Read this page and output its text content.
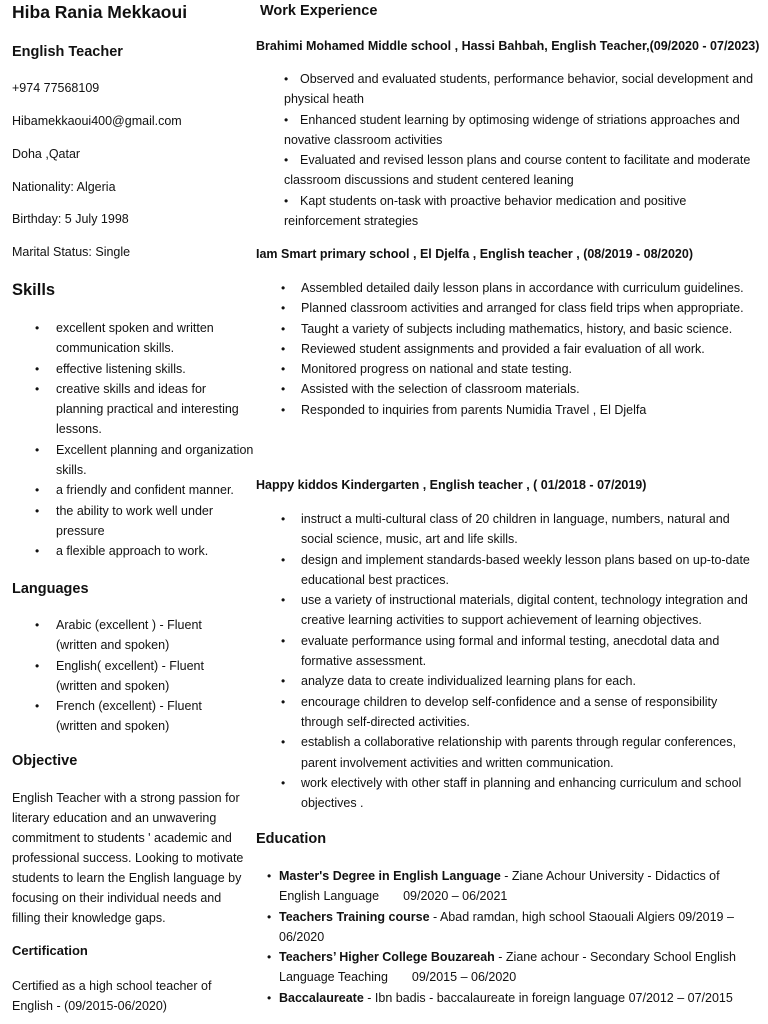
Hiba Rania Mekkaoui
English Teacher
+974 77568109
Hibamekkaoui400@gmail.com
Doha ,Qatar
Nationality: Algeria
Birthday: 5 July 1998
Marital Status: Single
Skills
• excellent spoken and written communication skills.
• effective listening skills.
• creative skills and ideas for planning practical and interesting lessons.
• Excellent planning and organization skills.
• a friendly and confident manner.
• the ability to work well under pressure
• a flexible approach to work.
Languages
• Arabic (excellent ) - Fluent (written and spoken)
• English( excellent) - Fluent (written and spoken)
• French (excellent) - Fluent (written and spoken)
Objective
English Teacher with a strong passion for literary education and an unwavering commitment to students ' academic and professional success. Looking to motivate students to learn the English language by focusing on their individual needs and filling their knowledge gaps.
Certification
Certified as a high school teacher of English - (09/2015-06/2020)
Work Experience
Brahimi Mohamed Middle school , Hassi Bahbah, English Teacher,(09/2020 - 07/2023)
• Observed and evaluated students, performance behavior, social development and physical heath
• Enhanced student learning by optimosing widenge of striations approaches and novative classroom activities
• Evaluated and revised lesson plans and course content to facilitate and moderate classroom discussions and student centered leaning
• Kapt students on-task with proactive behavior medication and positive reinforcement strategies
Iam Smart primary school , El Djelfa , English teacher , (08/2019 - 08/2020)
• Assembled detailed daily lesson plans in accordance with curriculum guidelines.
• Planned classroom activities and arranged for class field trips when appropriate.
• Taught a variety of subjects including mathematics, history, and basic science.
• Reviewed student assignments and provided a fair evaluation of all work.
• Monitored progress on national and state testing.
• Assisted with the selection of classroom materials.
• Responded to inquiries from parents Numidia Travel , El Djelfa
Happy kiddos Kindergarten , English teacher , ( 01/2018 - 07/2019)
• instruct a multi-cultural class of 20 children in language, numbers, natural and social science, music, art and life skills.
• design and implement standards-based weekly lesson plans based on up-to-date educational best practices.
• use a variety of instructional materials, digital content, technology integration and creative learning activities to support achievement of learning objectives.
• evaluate performance using formal and informal testing, anecdotal data and formative assessment.
• analyze data to create individualized learning plans for each.
• encourage children to develop self-confidence and a sense of responsibility through self-directed activities.
• establish a collaborative relationship with parents through regular conferences, parent involvement activities and written communication.
• work electively with other staff in planning and enhancing curriculum and school objectives .
Education
• Master's Degree in English Language - Ziane Achour University - Didactics of English Language 09/2020 – 06/2021
• Teachers Training course - Abad ramdan, high school Staouali Algiers 09/2019 – 06/2020
• Teachers’ Higher College Bouzareah - Ziane achour - Secondary School English Language Teaching 09/2015 – 06/2020
• Baccalaureate - Ibn badis - baccalaureate in foreign language 07/2012 – 07/2015
